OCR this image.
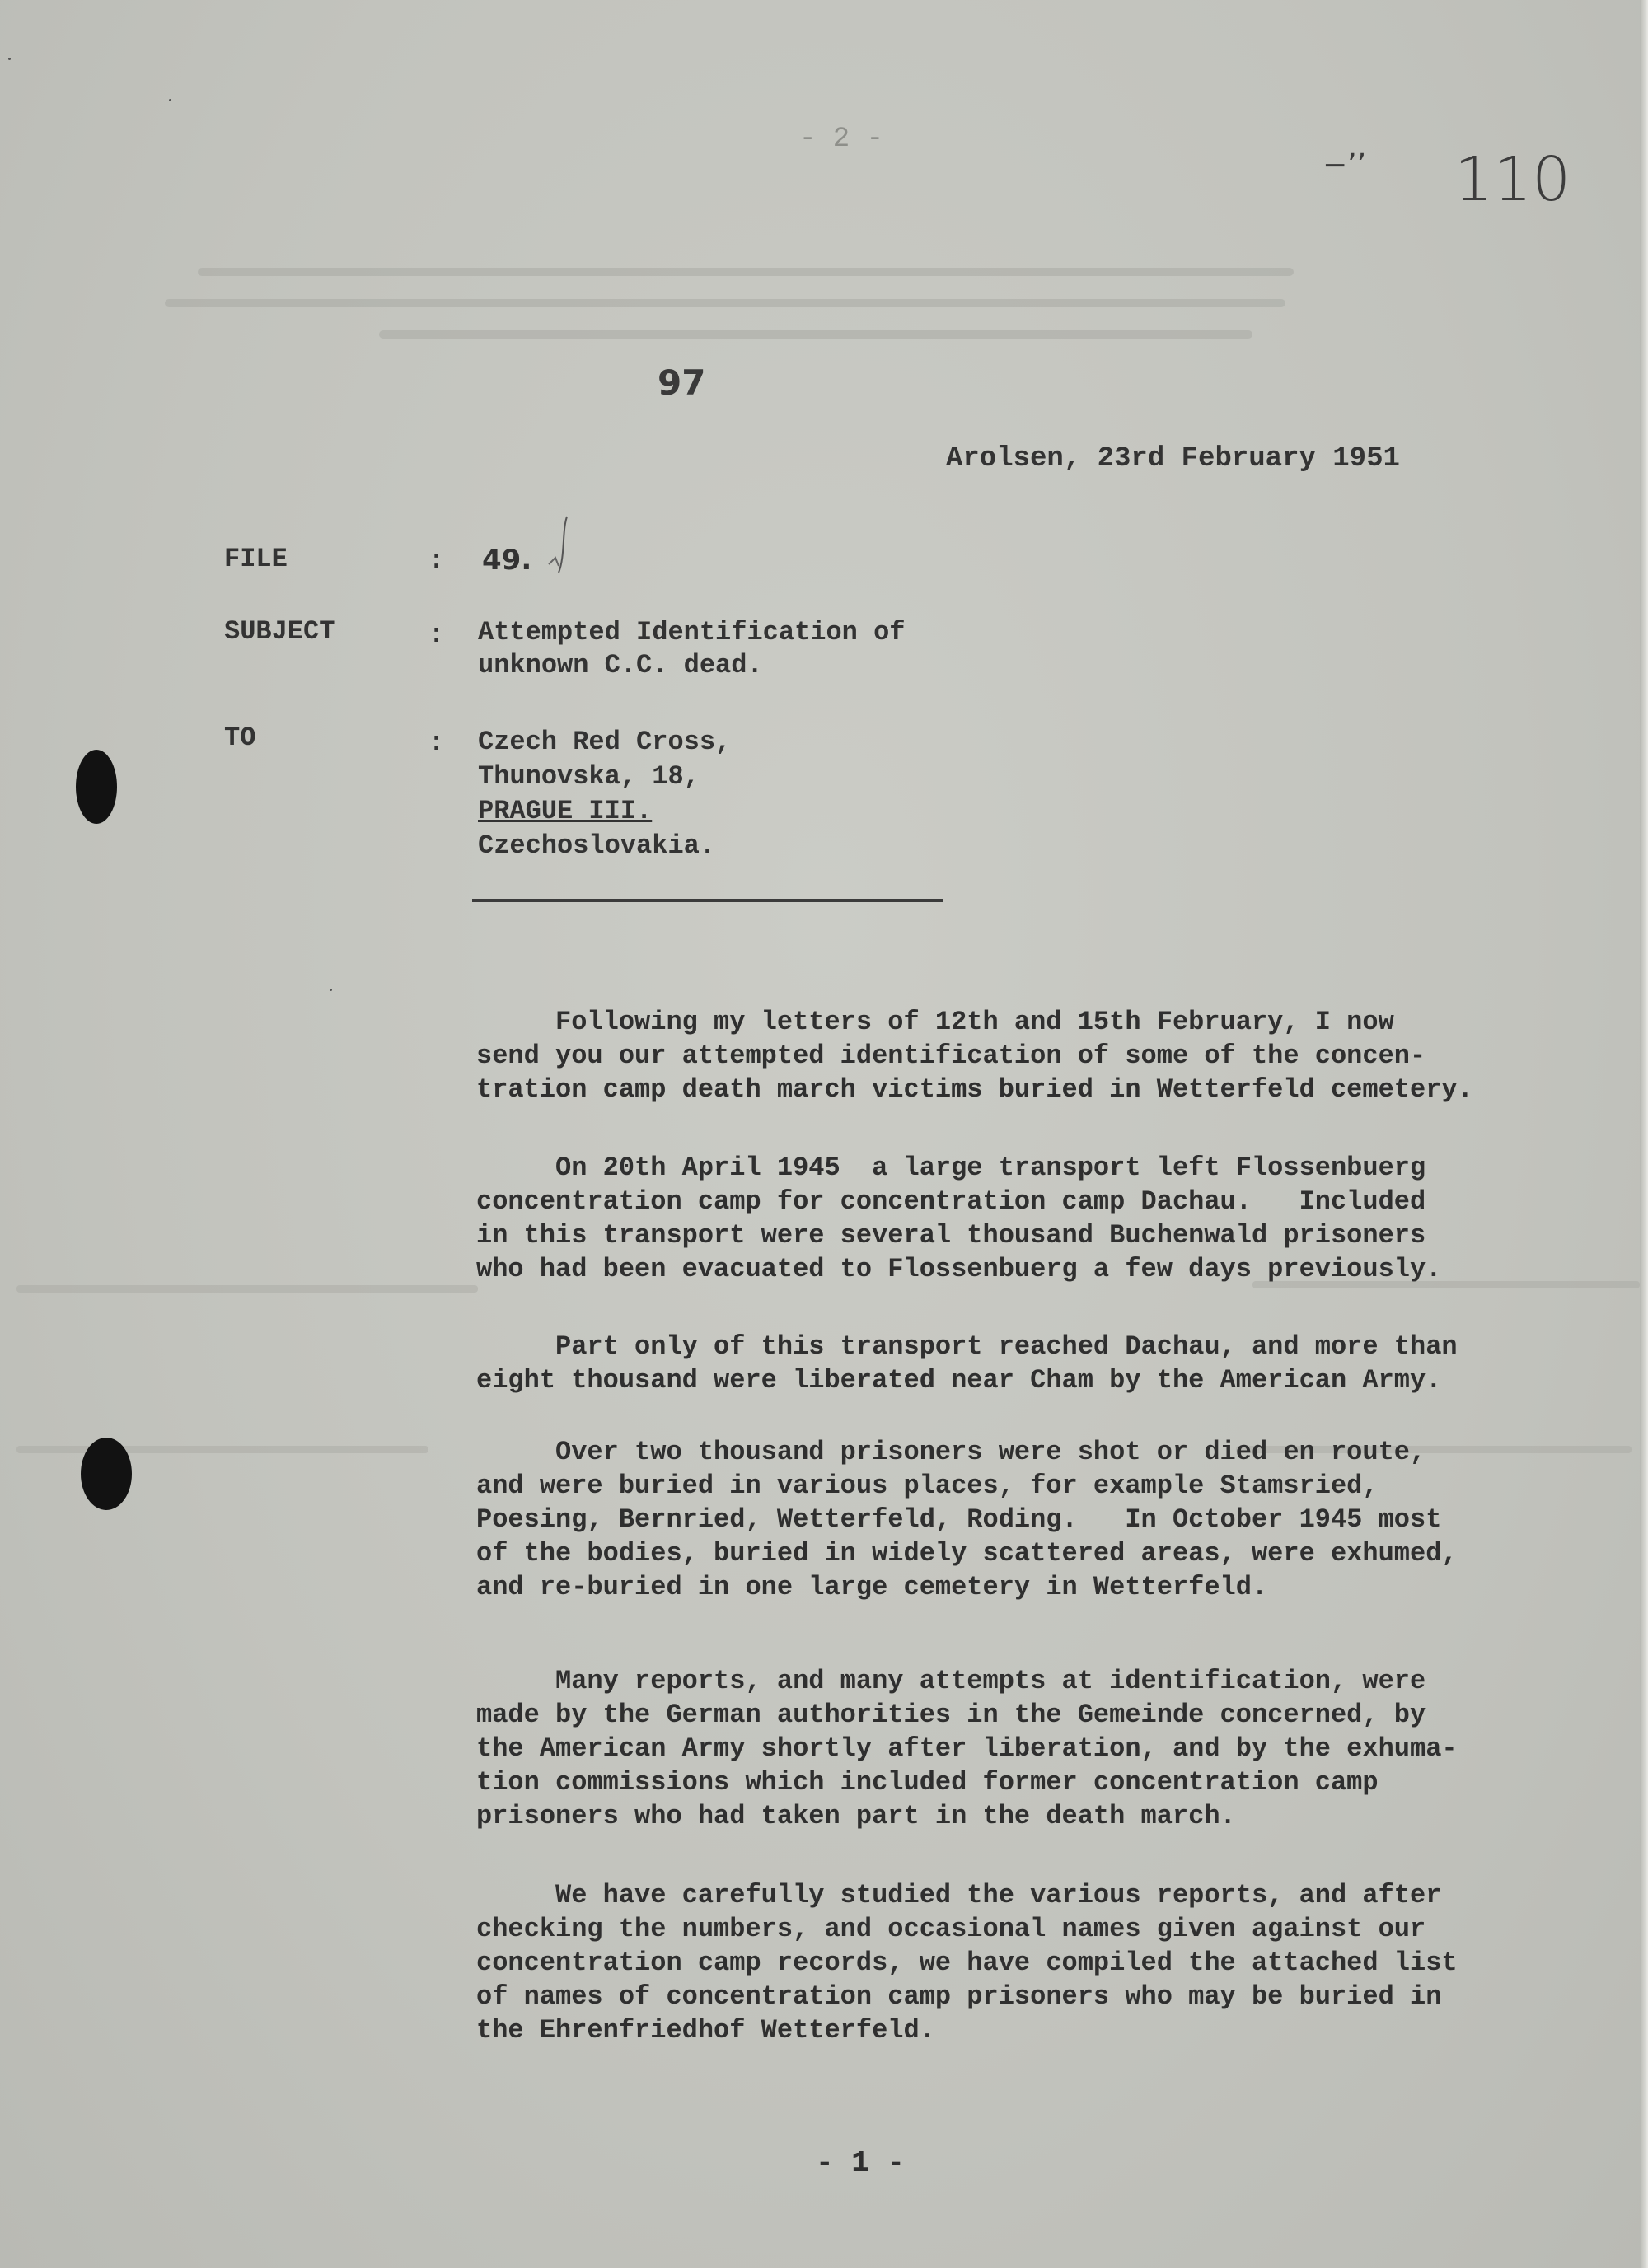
−’’ 110
- 2 -
97
Arolsen, 23rd February 1951
FILE	: 49.
SUBJECT	: Attempted Identification of
unknown C.C. dead.
TO	: Czech Red Cross,
Thunovska, 18,
PRAGUE III.
Czechoslovakia.
Following my letters of 12th and 15th February, I now
send you our attempted identification of some of the concen-
tration camp death march victims buried in Wetterfeld cemetery.
On 20th April 1945  a large transport left Flossenbuerg
concentration camp for concentration camp Dachau.   Included
in this transport were several thousand Buchenwald prisoners
who had been evacuated to Flossenbuerg a few days previously.
Part only of this transport reached Dachau, and more than
eight thousand were liberated near Cham by the American Army.
Over two thousand prisoners were shot or died en route,
and were buried in various places, for example Stamsried,
Poesing, Bernried, Wetterfeld, Roding.   In October 1945 most
of the bodies, buried in widely scattered areas, were exhumed,
and re-buried in one large cemetery in Wetterfeld.
Many reports, and many attempts at identification, were
made by the German authorities in the Gemeinde concerned, by
the American Army shortly after liberation, and by the exhuma-
tion commissions which included former concentration camp
prisoners who had taken part in the death march.
We have carefully studied the various reports, and after
checking the numbers, and occasional names given against our
concentration camp records, we have compiled the attached list
of names of concentration camp prisoners who may be buried in
the Ehrenfriedhof Wetterfeld.
- 1 -
